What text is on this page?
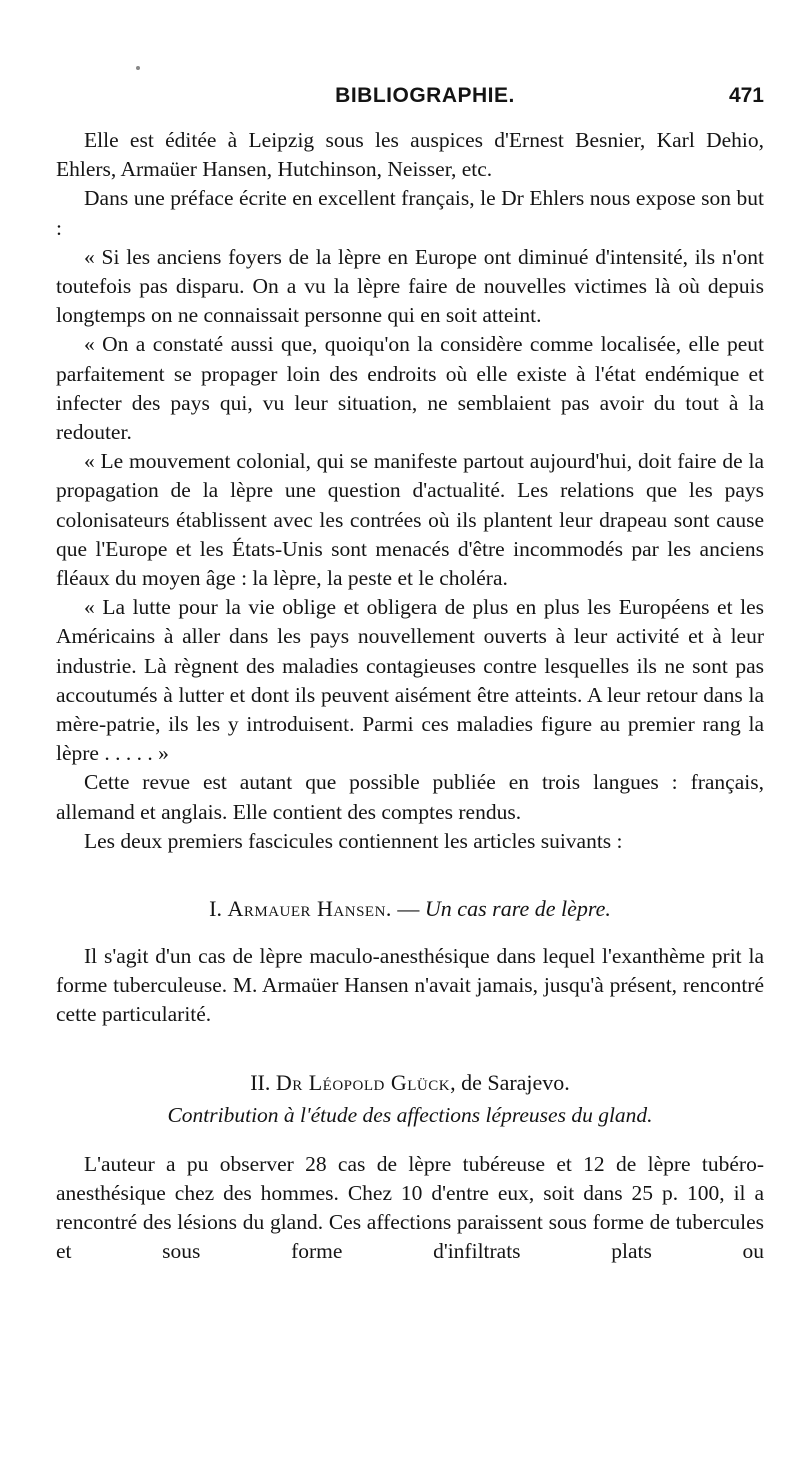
BIBLIOGRAPHIE.	471

Elle est éditée à Leipzig sous les auspices d'Ernest Besnier, Karl Dehio, Ehlers, Armaüer Hansen, Hutchinson, Neisser, etc.

Dans une préface écrite en excellent français, le Dr Ehlers nous expose son but :

« Si les anciens foyers de la lèpre en Europe ont diminué d'intensité, ils n'ont toutefois pas disparu. On a vu la lèpre faire de nouvelles victimes là où depuis longtemps on ne connaissait personne qui en soit atteint.

« On a constaté aussi que, quoiqu'on la considère comme localisée, elle peut parfaitement se propager loin des endroits où elle existe à l'état endémique et infecter des pays qui, vu leur situation, ne semblaient pas avoir du tout à la redouter.

« Le mouvement colonial, qui se manifeste partout aujourd'hui, doit faire de la propagation de la lèpre une question d'actualité. Les relations que les pays colonisateurs établissent avec les contrées où ils plantent leur drapeau sont cause que l'Europe et les États-Unis sont menacés d'être incommodés par les anciens fléaux du moyen âge : la lèpre, la peste et le choléra.

« La lutte pour la vie oblige et obligera de plus en plus les Européens et les Américains à aller dans les pays nouvellement ouverts à leur activité et à leur industrie. Là règnent des maladies contagieuses contre lesquelles ils ne sont pas accoutumés à lutter et dont ils peuvent aisément être atteints. A leur retour dans la mère-patrie, ils les y introduisent. Parmi ces maladies figure au premier rang la lèpre . . . . . »

Cette revue est autant que possible publiée en trois langues : français, allemand et anglais. Elle contient des comptes rendus.

Les deux premiers fascicules contiennent les articles suivants :

I. Armauer Hansen. — Un cas rare de lèpre.

Il s'agit d'un cas de lèpre maculo-anesthésique dans lequel l'exanthème prit la forme tuberculeuse. M. Armaüer Hansen n'avait jamais, jusqu'à présent, rencontré cette particularité.

II. Dr Léopold Glück, de Sarajevo.
Contribution à l'étude des affections lépreuses du gland.

L'auteur a pu observer 28 cas de lèpre tubéreuse et 12 de lèpre tubéro-anesthésique chez des hommes. Chez 10 d'entre eux, soit dans 25 p. 100, il a rencontré des lésions du gland. Ces affections paraissent sous forme de tubercules et sous forme d'infiltrats plats ou
